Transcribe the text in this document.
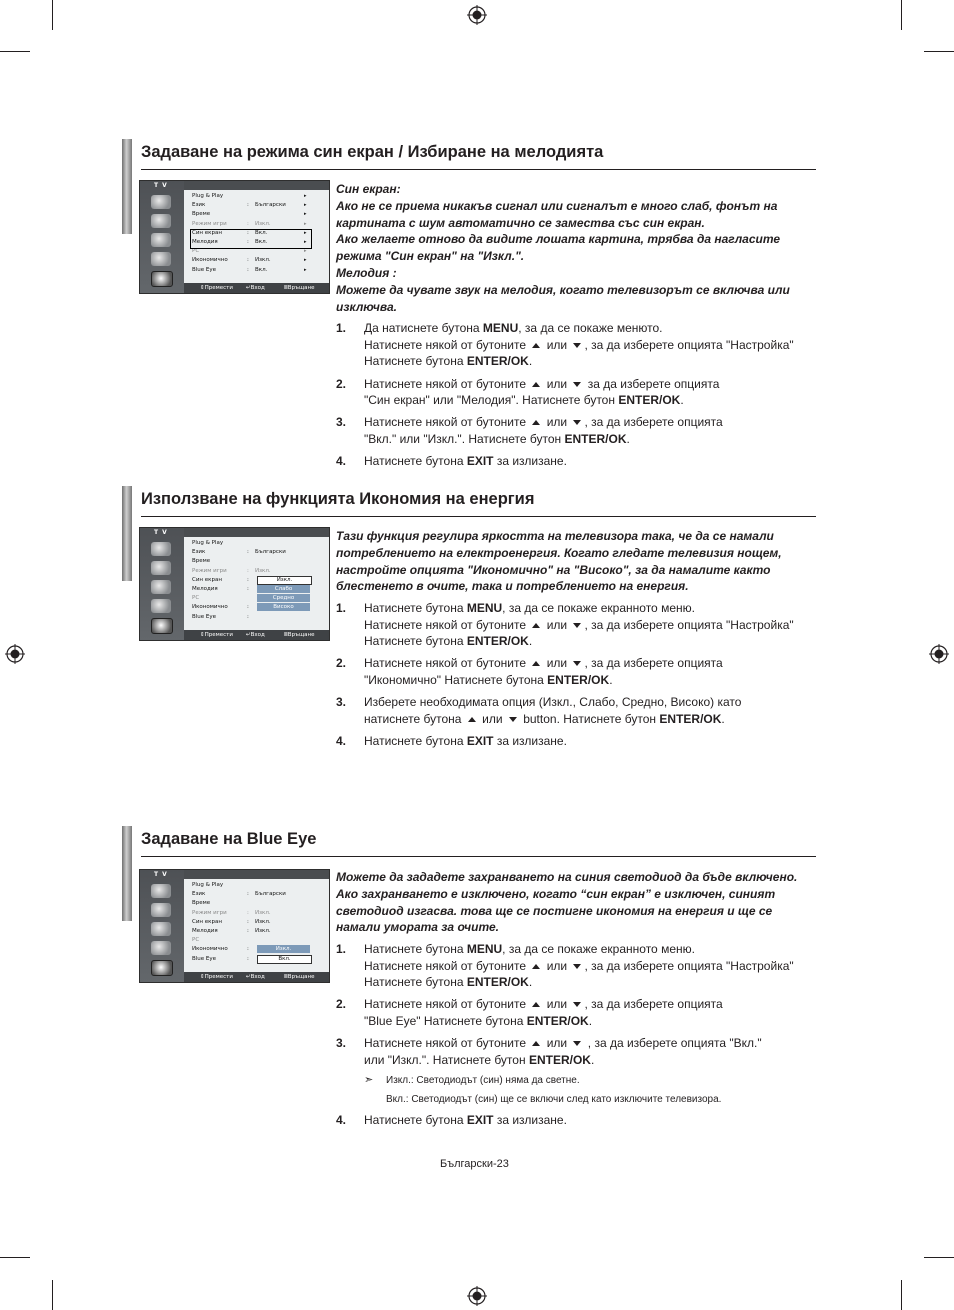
Задаване на режима син екран / Избиране на мелодията
T V
Plug & Play	▸
Език	: Български	▸
Време	▸
Режим игри	: Изкл.	▸
Син екран	: Вкл.	▸
Мелодия	: Вкл.	▸
PC	▸
Икономично	: Изкл.	▸
Blue Eye	: Вкл.	▸
⇕Премести ↵Вход	ⅢВръщане

Син екран:

Ако не се приема никакъв сигнал или сигналът е много слаб, фонът на

картината с шум автоматично се замества със син екран.

Ако желаете отново да видите лошата картина, трябва да нагласите

режима "Син екран" на "Изкл.".

Мелодия :

Можете да чувате звук на мелодия, когато телевизорът се включва или

изключва.

1. Да натиснете бутона MENU, за да се покаже менюто.
Натиснете някой от бутоните  или , за да изберете опцията "Настройка"
Натиснете бутона ENTER/OK.
2. Натиснете някой от бутоните  или  за да изберете опцията
"Син екран" или "Мелодия". Натиснете бутон ENTER/OK.
3. Натиснете някой от бутоните  или , за да изберете опцията
"Вкл." или "Изкл.". Натиснете бутон ENTER/OK.
4. Натиснете бутона EXIT за излизане.
Използване на функцията Икономия на енергия
T V
Plug & Play
Език	: Български
Време
Режим игри	: Изкл.
Син екран	:
Мелодия	:
PC
Икономично	:
Blue Eye	:
Изкл.
Слабо
Средно
Високо
⇕Премести ↵Вход	ⅢВръщане

Тази функция регулира яркостта на телевизора така, че да се намали

потреблението на електроенергия. Когато гледате телевизия нощем,

настройте опцията "Икономично" на "Високо", за да намалите както

блестенето в очите, така и потреблението на енергия.

1. Натиснете бутона MENU, за да се покаже екранното меню.
Натиснете някой от бутоните  или , за да изберете опцията "Настройка"
Натиснете бутона ENTER/OK.
2. Натиснете някой от бутоните  или , за да изберете опцията
"Икономично" Натиснете бутона ENTER/OK.
3. Изберете необходимата опция (Изкл., Слабо, Средно, Високо) като
натиснете бутона  или  button. Натиснете бутон ENTER/OK.
4. Натиснете бутона EXIT за излизане.
Задаване на Blue Eye
T V
Plug & Play
Език	: Български
Време
Режим игри	: Изкл.
Син екран	: Изкл.
Мелодия	: Изкл.
PC
Икономично	:
Blue Eye	:
Изкл.
Вкл.
⇕Премести ↵Вход	ⅢВръщане

Можете да зададете захранването на синия светодиод да бъде включено.

Ако захранването е изключено, когато “син екран” е изключен, синият

светодиод изгасва. това ще се постигне икономия на енергия и ще се

намали умората за очите.

1. Натиснете бутона MENU, за да се покаже екранното меню.
Натиснете някой от бутоните  или , за да изберете опцията "Настройка"
Натиснете бутона ENTER/OK.
2. Натиснете някой от бутоните  или , за да изберете опцията
"Blue Eye" Натиснете бутона ENTER/OK.
3. Натиснете някой от бутоните  или  , за да изберете опцията "Вкл."
или "Изкл.". Натиснете бутон ENTER/OK.
➣ Изкл.: Светодиодът (син) няма да светне.
Вкл.: Светодиодът (син) ще се включи след като изключите телевизора.
4. Натиснете бутона EXIT за излизане.
Български-23
